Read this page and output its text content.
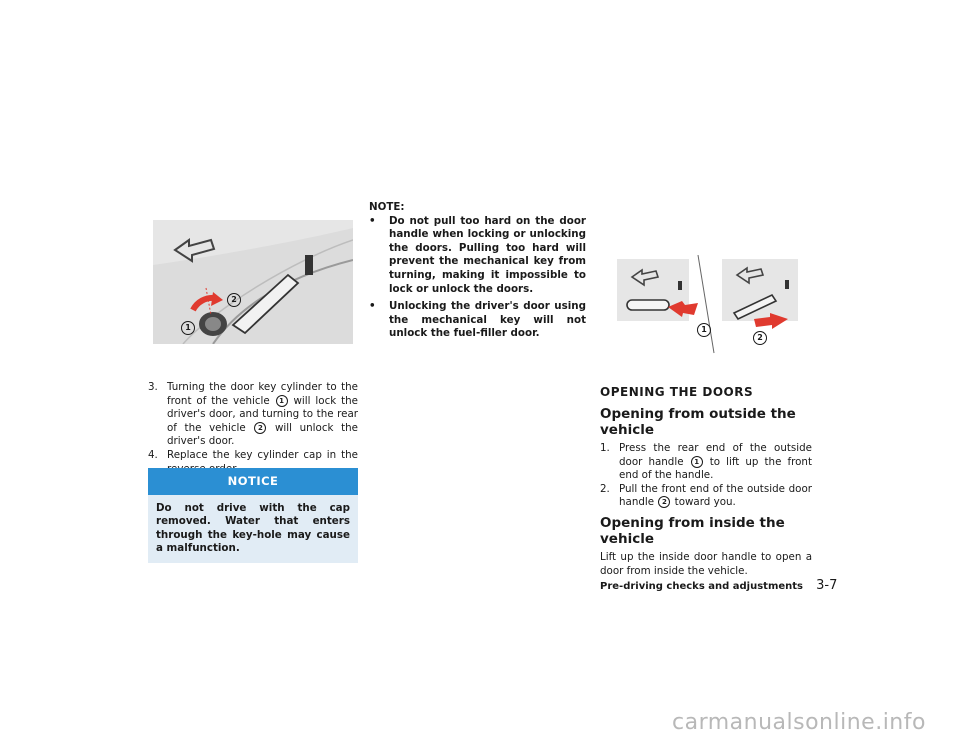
1
2
3. Turning the door key cylinder to the front of the vehicle 1 will lock the driver's door, and turning to the rear of the vehicle 2 will unlock the driver's door.
4. Replace the key cylinder cap in the
NOTICE
Do not drive with the cap removed. Water that enters through the key-hole may cause a malfunction.
NOTE:
• Do not pull too hard on the door handle when locking or unlocking the doors. Pulling too hard will prevent the mechanical key from turning, making it impossible to lock or unlock the doors.
• Unlocking the driver's door using the mechanical key will not unlock the fuel-filler door.	1
2
OPENING THE DOORS
Opening from outside the vehicle
1. Press the rear end of the outside door handle 1 to lift up the front end of the handle.
2. Pull the front end of the outside door handle 2 toward you.
Opening from inside the vehicle
Lift up the inside door handle to open a door from inside the vehicle.
Pre-driving checks and adjustments 3-7
carmanualsonline.info
